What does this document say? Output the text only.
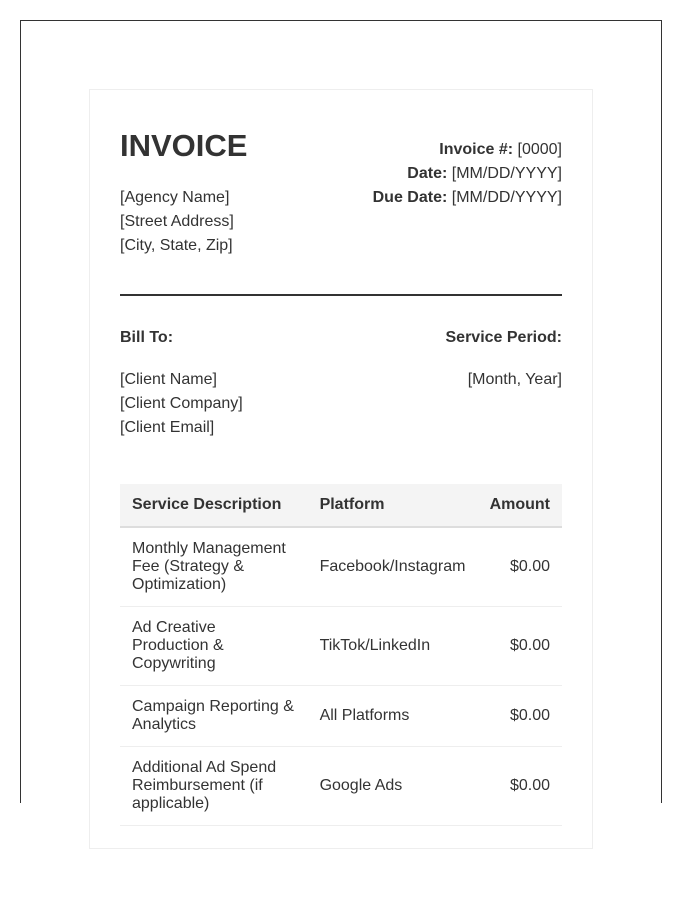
INVOICE
[Agency Name]
[Street Address]
[City, State, Zip]
Invoice #: [0000]
Date: [MM/DD/YYYY]
Due Date: [MM/DD/YYYY]
Bill To:
[Client Name]
[Client Company]
[Client Email]
Service Period:
[Month, Year]
Service Description	Platform	Amount
Monthly Management Fee (Strategy & Optimization)	Facebook/Instagram	$0.00
Ad Creative Production & Copywriting	TikTok/LinkedIn	$0.00
Campaign Reporting & Analytics	All Platforms	$0.00
Additional Ad Spend Reimbursement (if applicable)	Google Ads	$0.00
